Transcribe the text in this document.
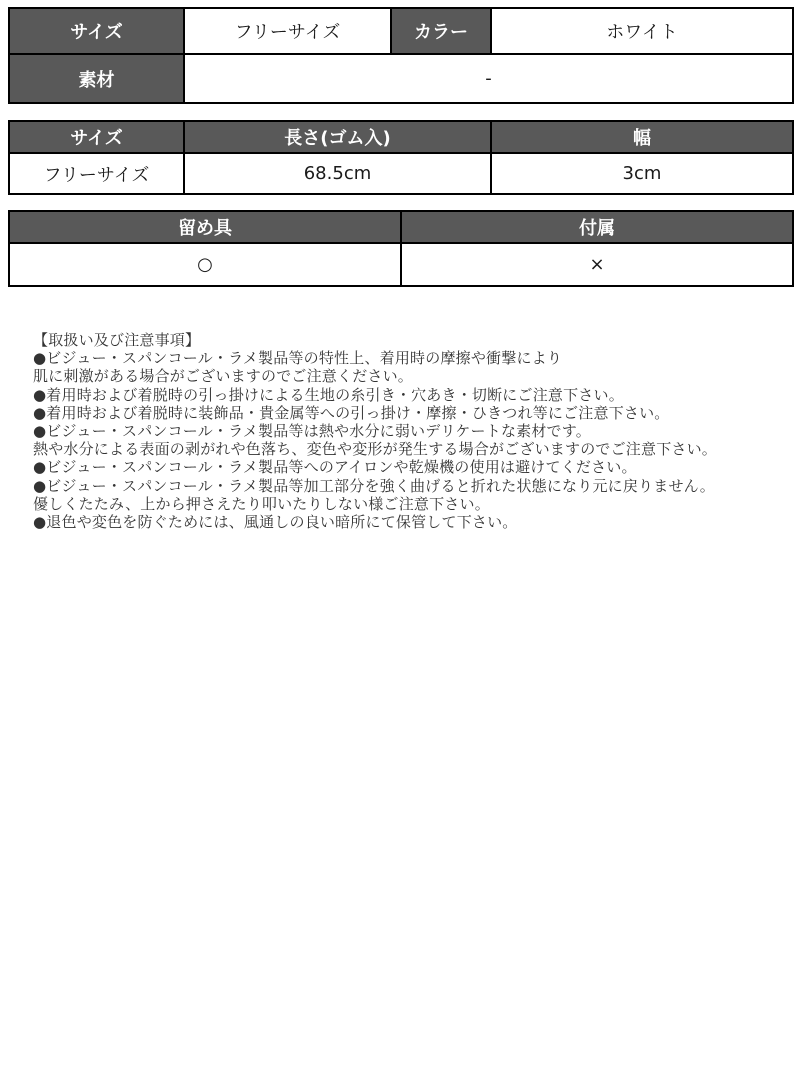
サイズ	フリーサイズ	カラー	ホワイト
素材	-		
サイズ	長さ(ゴム入)	幅
フリーサイズ	68.5cm	3cm
留め具	付属
○	×
【取扱い及び注意事項】
●ビジュー・スパンコール・ラメ製品等の特性上、着用時の摩擦や衝撃により
肌に刺激がある場合がございますのでご注意ください。
●着用時および着脱時の引っ掛けによる生地の糸引き・穴あき・切断にご注意下さい。
●着用時および着脱時に装飾品・貴金属等への引っ掛け・摩擦・ひきつれ等にご注意下さい。
●ビジュー・スパンコール・ラメ製品等は熱や水分に弱いデリケートな素材です。
熱や水分による表面の剥がれや色落ち、変色や変形が発生する場合がございますのでご注意下さい。
●ビジュー・スパンコール・ラメ製品等へのアイロンや乾燥機の使用は避けてください。
●ビジュー・スパンコール・ラメ製品等加工部分を強く曲げると折れた状態になり元に戻りません。
優しくたたみ、上から押さえたり叩いたりしない様ご注意下さい。
●退色や変色を防ぐためには、風通しの良い暗所にて保管して下さい。
